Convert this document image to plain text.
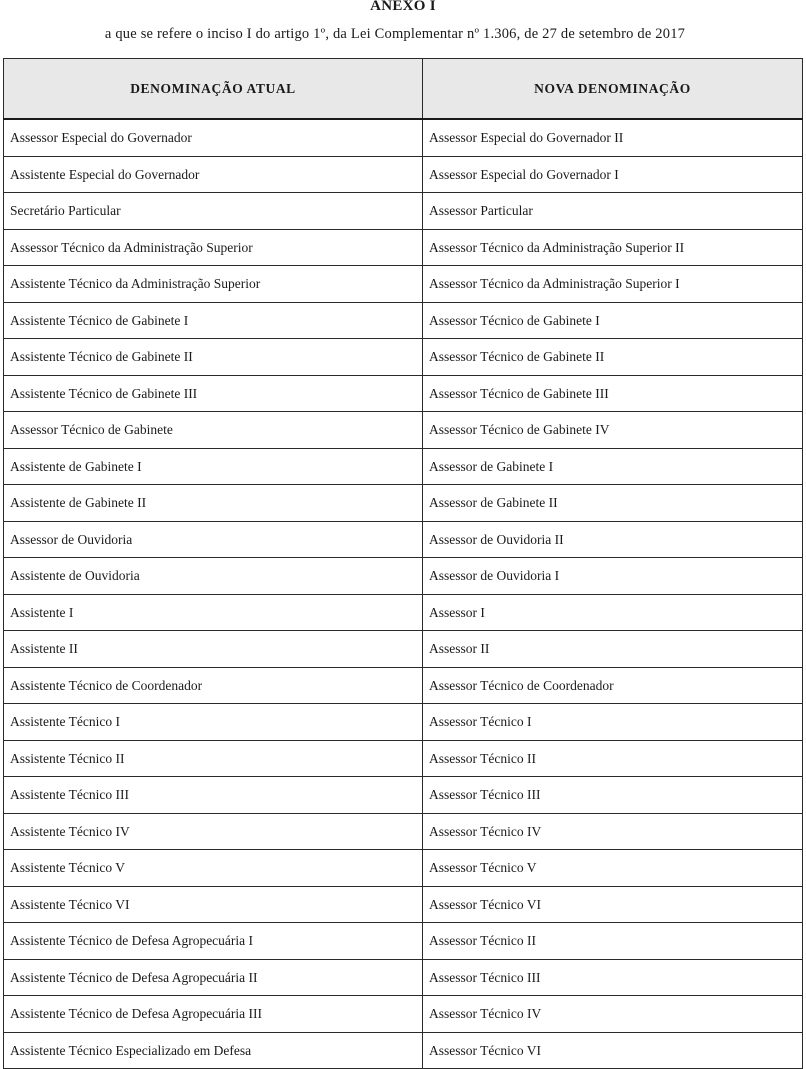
ANEXO I
a que se refere o inciso I do artigo 1º, da Lei Complementar nº 1.306, de 27 de setembro de 2017
DENOMINAÇÃO ATUAL	NOVA DENOMINAÇÃO
Assessor Especial do Governador	Assessor Especial do Governador II
Assistente Especial do Governador	Assessor Especial do Governador I
Secretário Particular	Assessor Particular
Assessor Técnico da Administração Superior	Assessor Técnico da Administração Superior II
Assistente Técnico da Administração Superior	Assessor Técnico da Administração Superior I
Assistente Técnico de Gabinete I	Assessor Técnico de Gabinete I
Assistente Técnico de Gabinete II	Assessor Técnico de Gabinete II
Assistente Técnico de Gabinete III	Assessor Técnico de Gabinete III
Assessor Técnico de Gabinete	Assessor Técnico de Gabinete IV
Assistente de Gabinete I	Assessor de Gabinete I
Assistente de Gabinete II	Assessor de Gabinete II
Assessor de Ouvidoria	Assessor de Ouvidoria II
Assistente de Ouvidoria	Assessor de Ouvidoria I
Assistente I	Assessor I
Assistente II	Assessor II
Assistente Técnico de Coordenador	Assessor Técnico de Coordenador
Assistente Técnico I	Assessor Técnico I
Assistente Técnico II	Assessor Técnico II
Assistente Técnico III	Assessor Técnico III
Assistente Técnico IV	Assessor Técnico IV
Assistente Técnico V	Assessor Técnico V
Assistente Técnico VI	Assessor Técnico VI
Assistente Técnico de Defesa Agropecuária I	Assessor Técnico II
Assistente Técnico de Defesa Agropecuária II	Assessor Técnico III
Assistente Técnico de Defesa Agropecuária III	Assessor Técnico IV
Assistente Técnico Especializado em Defesa	Assessor Técnico VI
